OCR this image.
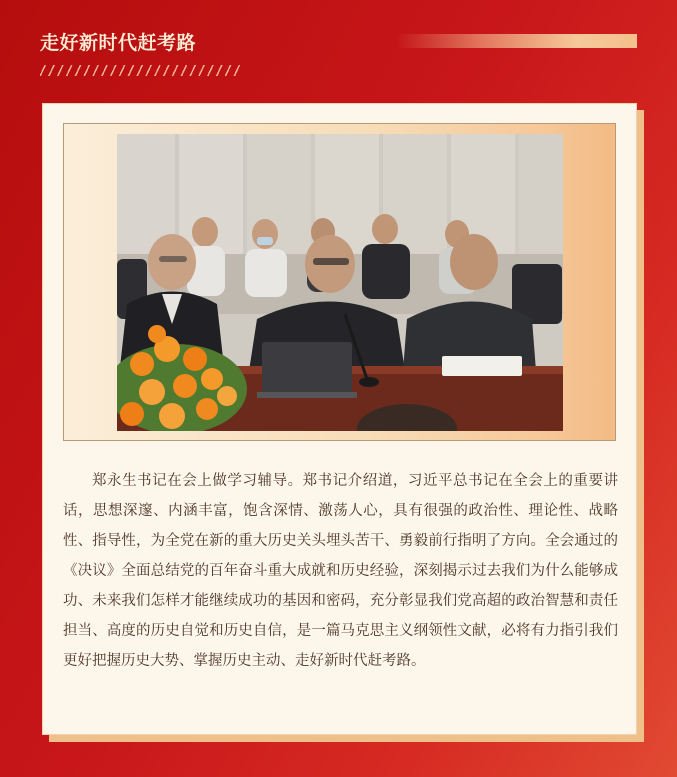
走好新时代赶考路

郑永生书记在会上做学习辅导。郑书记介绍道，习近平总书记在全会上的重要讲话，思想深邃、内涵丰富，饱含深情、激荡人心，具有很强的政治性、理论性、战略性、指导性，为全党在新的重大历史关头埋头苦干、勇毅前行指明了方向。全会通过的《决议》全面总结党的百年奋斗重大成就和历史经验，深刻揭示过去我们为什么能够成功、未来我们怎样才能继续成功的基因和密码，充分彰显我们党高超的政治智慧和责任担当、高度的历史自觉和历史自信，是一篇马克思主义纲领性文献，必将有力指引我们更好把握历史大势、掌握历史主动、走好新时代赶考路。
